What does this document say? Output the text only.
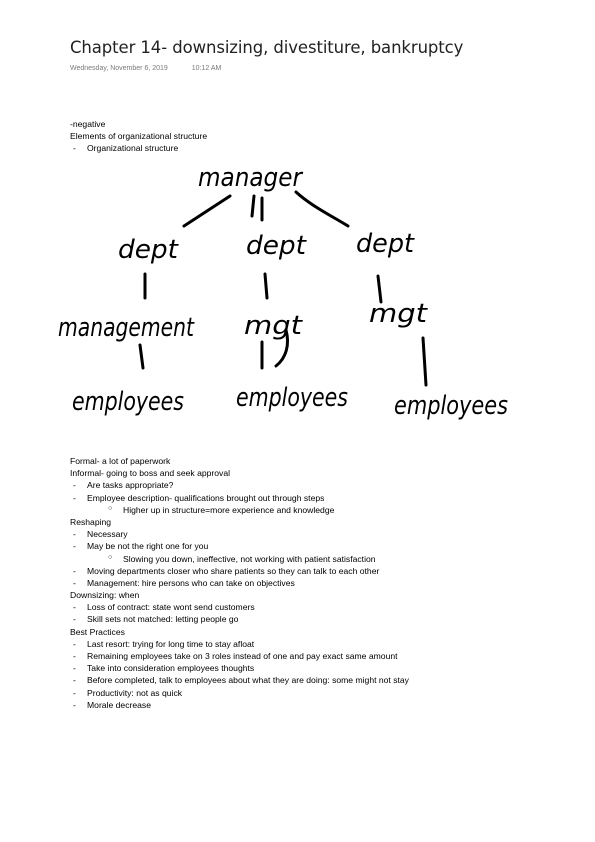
Chapter 14- downsizing, divestiture, bankruptcy
Wednesday, November 6, 2019	10:12 AM
-negative
Elements of organizational structure
- Organizational structure
manager
dept	dept dept
management mgt	mgt
employees employees employees
Formal- a lot of paperwork
Informal- going to boss and seek approval
- Are tasks appropriate?
- Employee description- qualifications brought out through steps
○ Higher up in structure=more experience and knowledge
Reshaping
- Necessary
- May be not the right one for you
○ Slowing you down, ineffective, not working with patient satisfaction
- Moving departments closer who share patients so they can talk to each other
- Management: hire persons who can take on objectives
Downsizing: when
- Loss of contract: state wont send customers
- Skill sets not matched: letting people go
Best Practices
- Last resort: trying for long time to stay afloat
- Remaining employees take on 3 roles instead of one and pay exact same amount
- Take into consideration employees thoughts
- Before completed, talk to employees about what they are doing: some might not stay
- Productivity: not as quick
- Morale decrease
